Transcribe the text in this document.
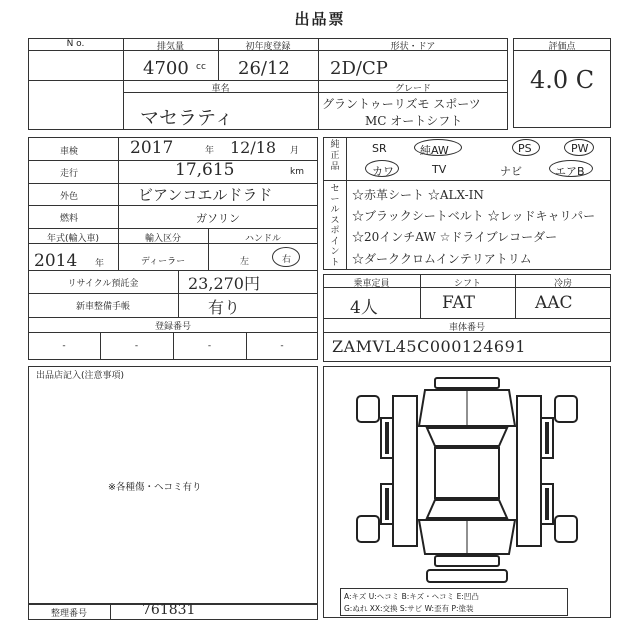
出品票
N o.	排気量	初年度登録	形状・ドア
4700 cc 26/12 2D/CP
車名	グレード
マセラティ
グラントゥーリズモ スポーツ
MC オートシフト
評価点
4.0 C
車検	2017	年 12/18 月
走行	17,615	km
外色	ビアンコエルドラド
燃料	ガソリン
年式(輸入車)	輸入区分	ハンドル
2014 年	ディーラー	左	右
リサイクル預託金	23,270円
新車整備手帳	有り
登録番号
-	-	-	-
純正品
SR	純AW	PS	PW
カワ	TV	ナビ	エアB
セールスポイント
☆赤革シート ☆ALX-IN
☆ブラックシートベルト ☆レッドキャリパー
☆20インチAW ☆ドライブレコーダー
☆ダーククロムインテリアトリム
乗車定員	シフト	冷房
4人	FAT	AAC
車体番号
ZAMVL45C000124691
出品店記入(注意事項)
※各種傷・ヘコミ有り
A:キズ U:ヘコミ B:キズ・ヘコミ E:凹凸
G:ぬれ XX:交換 S:サビ W:歪有 P:塗装
整理番号	761831
